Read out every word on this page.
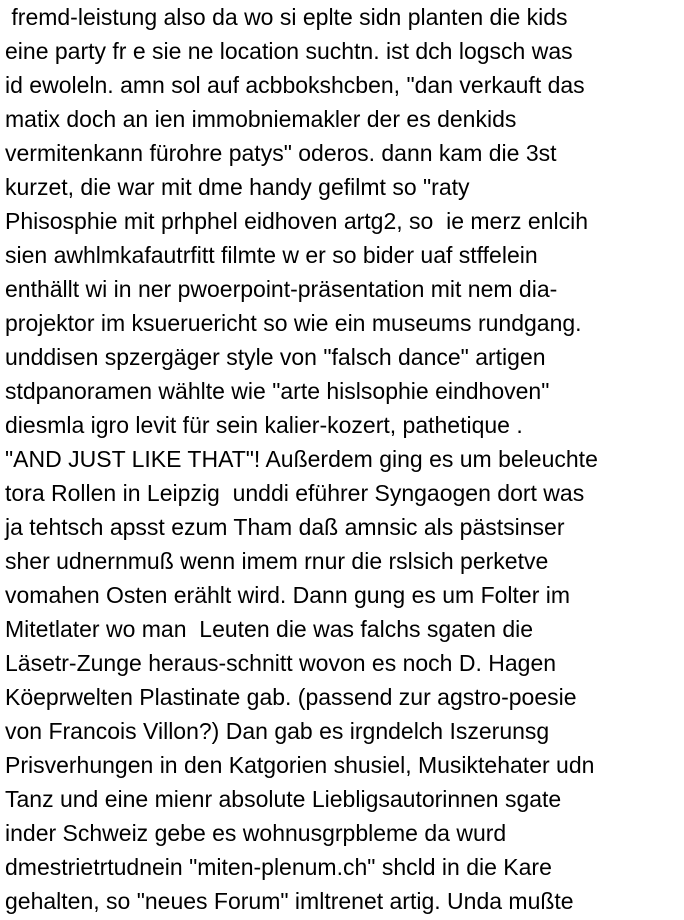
fremd-leistung also da wo si eplte sidn planten die kids
eine party fr e sie ne location suchtn. ist dch logsch was
id ewoleln. amn sol auf acbbokshcben, "dan verkauft das
matix doch an ien immobniemakler der es denkids
vermitenkann fürohre patys" oderos. dann kam die 3st
kurzet, die war mit dme handy gefilmt so "raty
Phisosphie mit prhphel eidhoven artg2, so  ie merz enlcih
sien awhlmkafautrfitt filmte w er so bider uaf stffelein
enthällt wi in ner pwoerpoint-präsentation mit nem dia-
projektor im ksueruericht so wie ein museums rundgang.
unddisen spzergäger style von "falsch dance" artigen
stdpanoramen wählte wie "arte hislsophie eindhoven"
diesmla igro levit für sein kalier-kozert, pathetique .
"AND JUST LIKE THAT"! Außerdem ging es um beleuchte
tora Rollen in Leipzig  unddi eführer Syngaogen dort was
ja tehtsch apsst ezum Tham daß amnsic als pästsinser
sher udnernmuß wenn imem rnur die rslsich perketve
vomahen Osten erählt wird. Dann gung es um Folter im
Mitetlater wo man  Leuten die was falchs sgaten die
Läsetr-Zunge heraus-schnitt wovon es noch D. Hagen
Köeprwelten Plastinate gab. (passend zur agstro-poesie
von Francois Villon?) Dan gab es irgndelch Iszerunsg
Prisverhungen in den Katgorien shusiel, Musiktehater udn
Tanz und eine mienr absolute Liebligsautorinnen sgate
inder Schweiz gebe es wohnusgrpbleme da wurd
dmestrietrtudnein "miten-plenum.ch" shcld in die Kare
gehalten, so "neues Forum" imltrenet artig. Unda mußte
